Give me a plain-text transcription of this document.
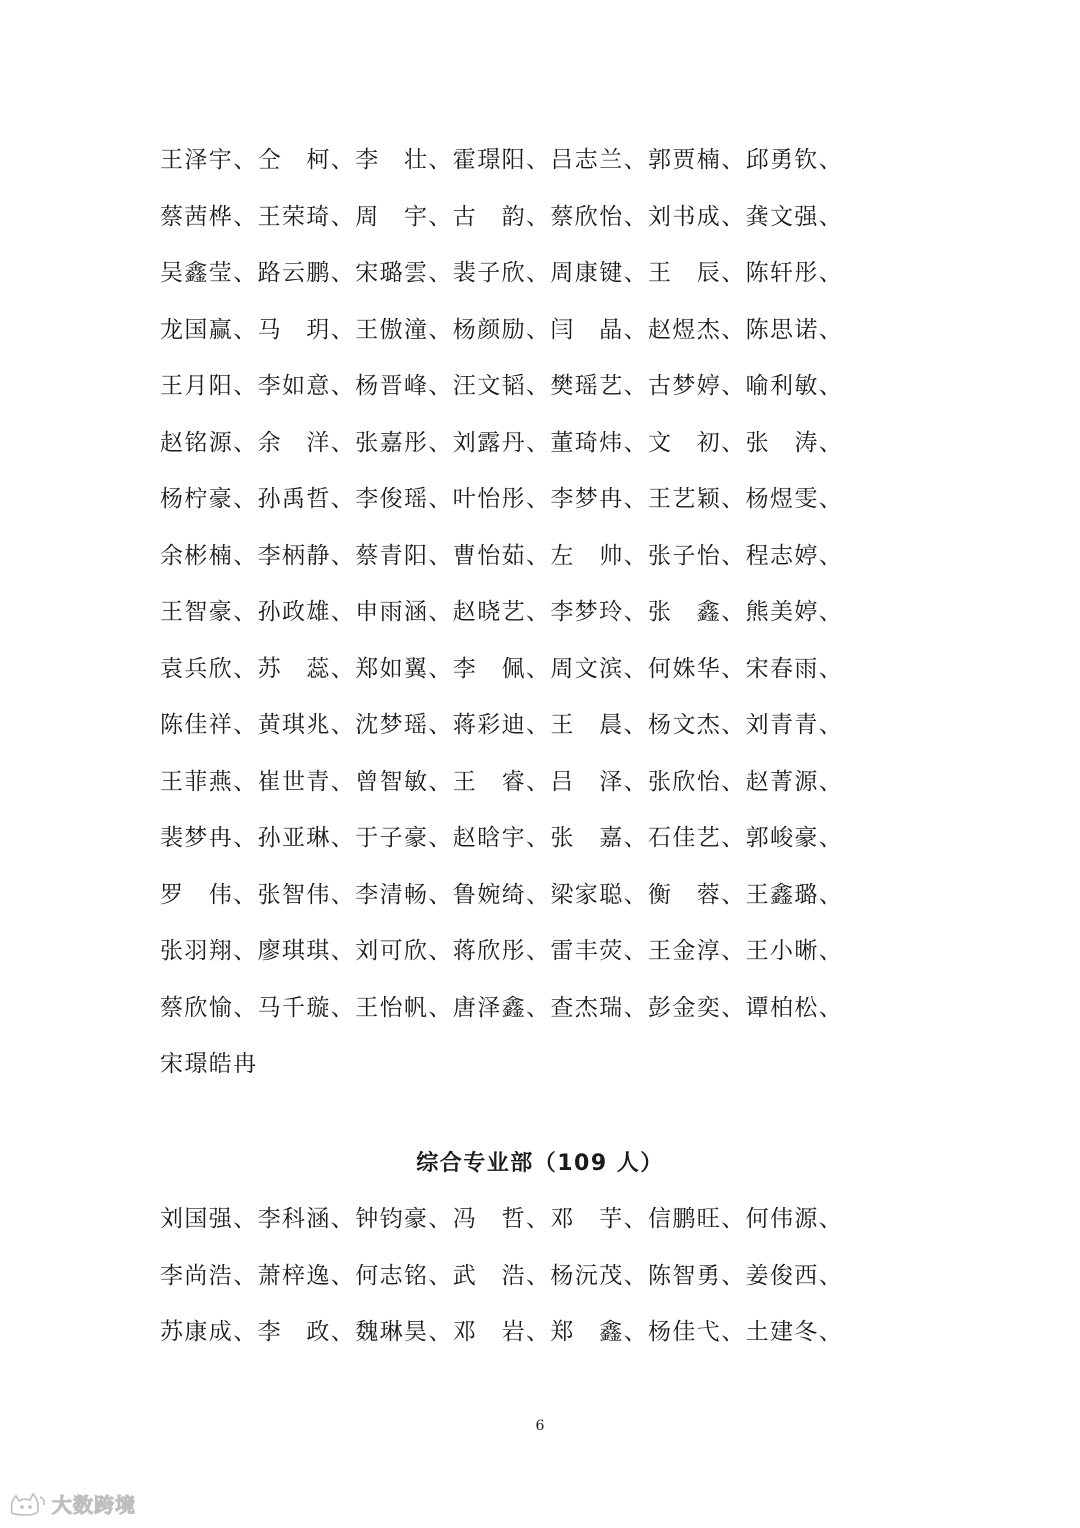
王泽宇、仝　柯、李　壮、霍璟阳、吕志兰、郭贾楠、邱勇钦、
蔡茜桦、王荣琦、周　宇、古　韵、蔡欣怡、刘书成、龚文强、
吴鑫莹、路云鹏、宋璐雲、裴子欣、周康键、王　辰、陈轩彤、
龙国赢、马　玥、王傲潼、杨颜励、闫　晶、赵煜杰、陈思诺、
王月阳、李如意、杨晋峰、汪文韬、樊瑶艺、古梦婷、喻利敏、
赵铭源、余　洋、张嘉彤、刘露丹、董琦炜、文　初、张　涛、
杨柠豪、孙禹哲、李俊瑶、叶怡彤、李梦冉、王艺颖、杨煜雯、
余彬楠、李柄静、蔡青阳、曹怡茹、左　帅、张子怡、程志婷、
王智豪、孙政雄、申雨涵、赵晓艺、李梦玲、张　鑫、熊美婷、
袁兵欣、苏　蕊、郑如翼、李　佩、周文滨、何姝华、宋春雨、
陈佳祥、黄琪兆、沈梦瑶、蒋彩迪、王　晨、杨文杰、刘青青、
王菲燕、崔世青、曾智敏、王　睿、吕　泽、张欣怡、赵菁源、
裴梦冉、孙亚琳、于子豪、赵晗宇、张　嘉、石佳艺、郭峻豪、
罗　伟、张智伟、李清畅、鲁婉绮、梁家聪、衡　蓉、王鑫璐、
张羽翔、廖琪琪、刘可欣、蒋欣彤、雷丰荧、王金淳、王小晰、
蔡欣愉、马千璇、王怡帆、唐泽鑫、查杰瑞、彭金奕、谭柏松、
宋璟皓冉
综合专业部（109 人）
刘国强、李科涵、钟钧豪、冯　哲、邓　芋、信鹏旺、何伟源、
李尚浩、萧梓逸、何志铭、武　浩、杨沅茂、陈智勇、姜俊西、
苏康成、李　政、魏琳昊、邓　岩、郑　鑫、杨佳弋、土建冬、
6
大数跨境
